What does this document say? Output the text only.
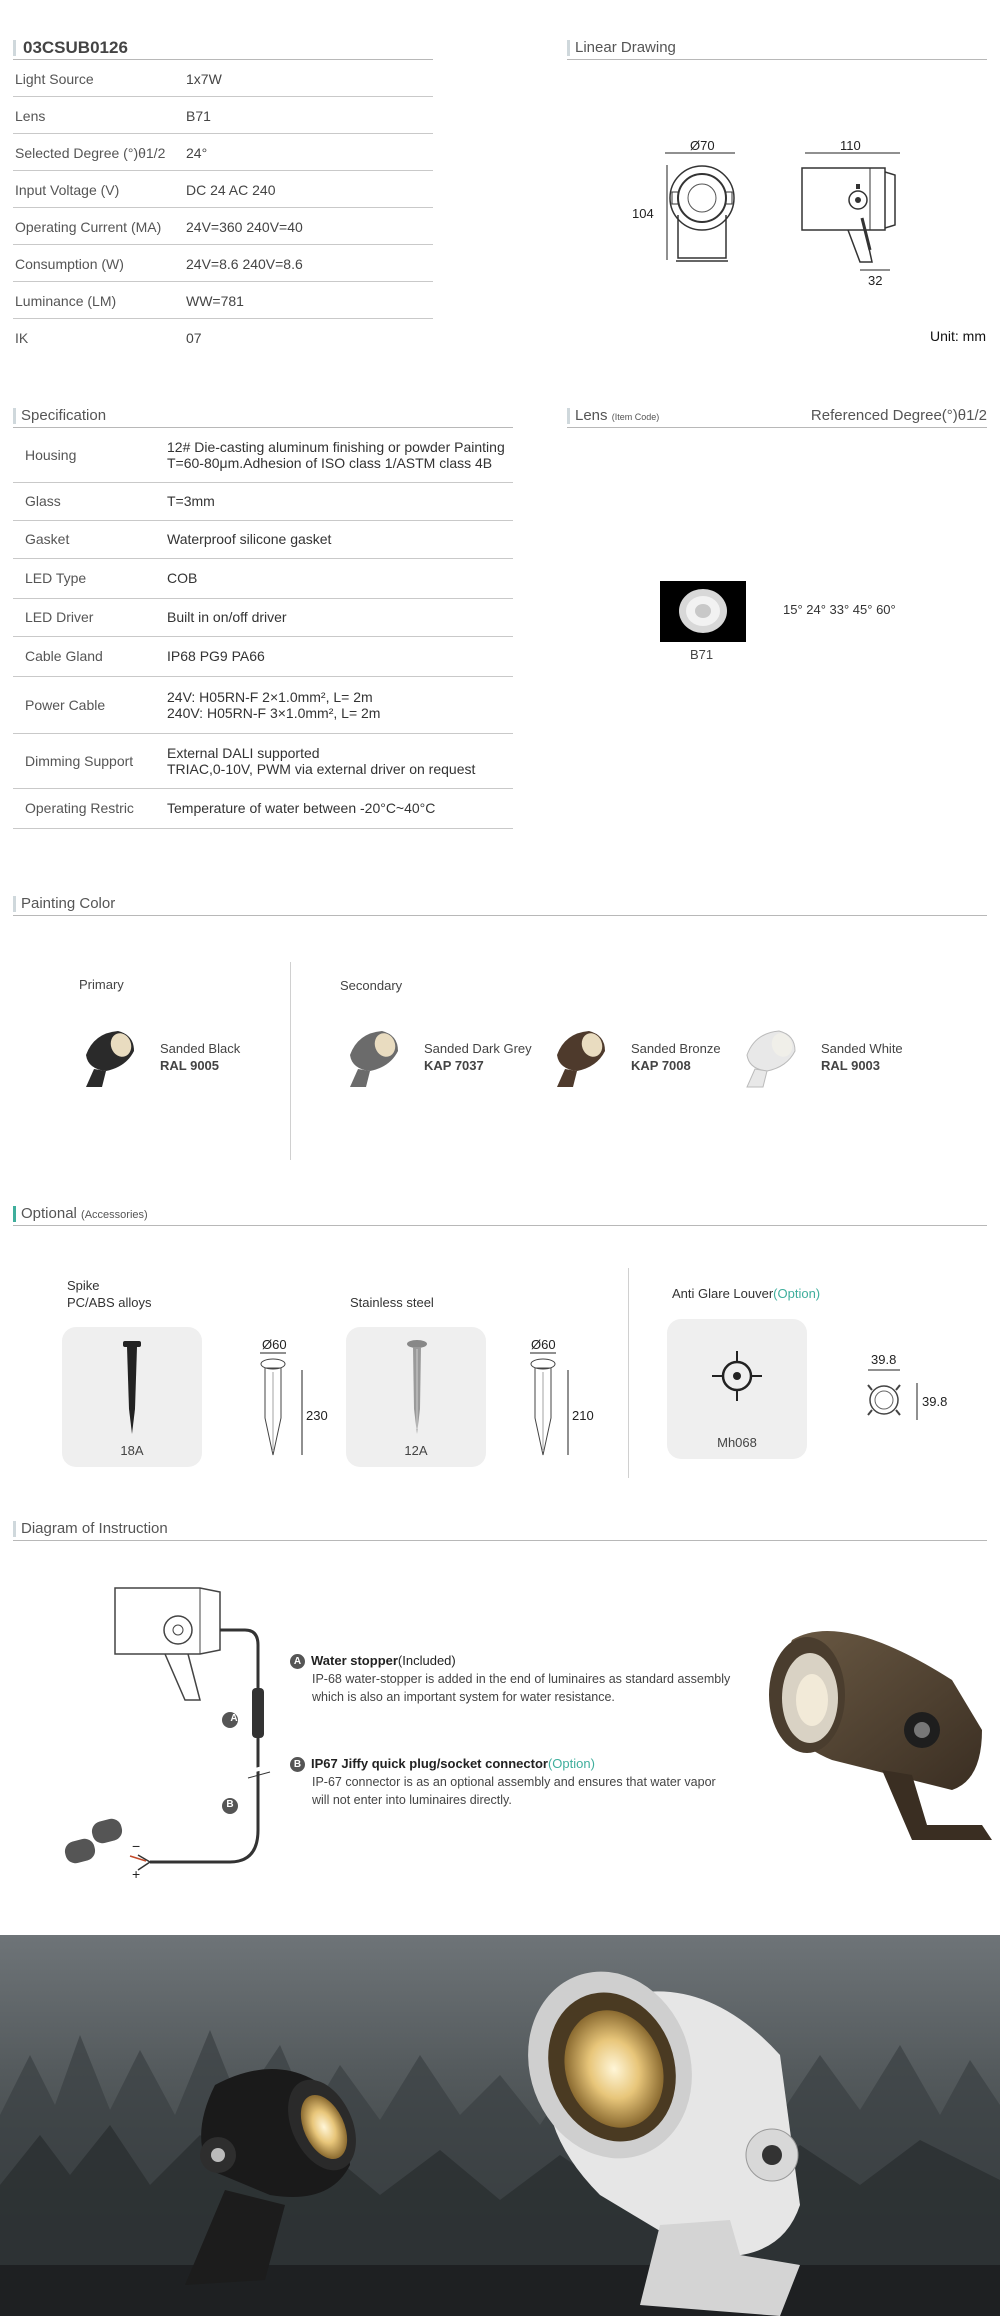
03CSUB0126
Light Source	1x7W
Lens	B71
Selected Degree (°)θ1/2 24°
Input Voltage (V)	DC 24 AC 240
Operating Current (MA) 24V=360 240V=40
Consumption (W)	24V=8.6 240V=8.6
Luminance (LM)	WW=781
IK	07
Linear Drawing
Ø70
104
110
32
Unit: mm
Specification
Housing	12# Die-casting aluminum finishing or powder Painting
T=60-80μm.Adhesion of ISO class 1/ASTM class 4B
Glass	T=3mm
Gasket	Waterproof silicone gasket
LED Type	COB
LED Driver	Built in on/off driver
Cable Gland	IP68 PG9 PA66
Power Cable	24V: H05RN-F 2×1.0mm², L= 2m
240V: H05RN-F 3×1.0mm², L= 2m
Dimming Support External DALI supported
TRIAC,0-10V, PWM via external driver on request
Operating Restric Temperature of water between -20°C~40°C
Lens (Item Code)	Referenced Degree(°)θ1/2
B71
15° 24° 33° 45° 60°
Painting Color
Primary	Secondary
Sanded Black
RAL 9005
Sanded Dark Grey
KAP 7037
Sanded Bronze
KAP 7008
Sanded White
RAL 9003
Optional (Accessories)
Spike
PC/ABS alloys
18A
Ø60
230
Stainless steel
12A
Ø60
210
Anti Glare Louver(Option)
Mh068
39.8
39.8
Diagram of Instruction
A
B
−
+
A Water stopper(Included)
IP-68 water-stopper is added in the end of luminaires as standard assembly
which is also an important system for water resistance.
B IP67 Jiffy quick plug/socket connector(Option)
IP-67 connector is as an optional assembly and ensures that water vapor
will not enter into luminaires directly.
